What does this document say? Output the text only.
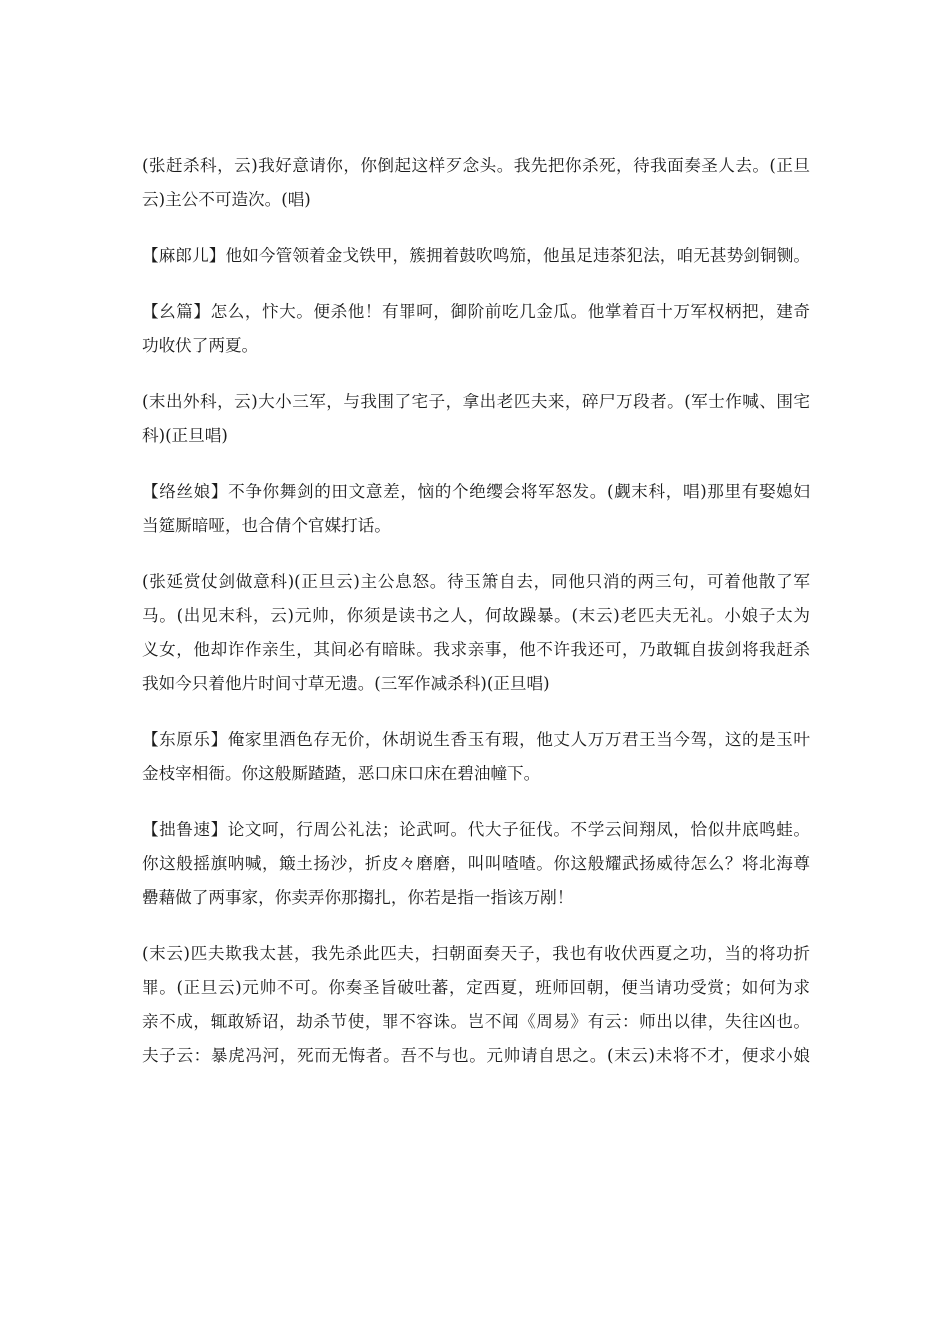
(张赶杀科，云)我好意请你，你倒起这样歹念头。我先把你杀死，待我面奏圣人去。(正旦
云)主公不可造次。(唱)
【麻郎儿】他如今管领着金戈铁甲，簇拥着鼓吹鸣笳，他虽足违茶犯法，咱无甚势剑铜铡。
【幺篇】怎么，忭大。便杀他！有罪呵，御阶前吃几金瓜。他掌着百十万军权柄把，建奇
功收伏了两夏。
(末出外科，云)大小三军，与我围了宅子，拿出老匹夫来，碎尸万段者。(军士作喊、围宅
科)(正旦唱)
【络丝娘】不争你舞剑的田文意差，恼的个绝缨会将军怒发。(觑末科，唱)那里有娶媳妇
当筵厮暗哑，也合倩个官媒打话。
(张延赏仗剑做意科)(正旦云)主公息怒。待玉箫自去，同他只消的两三句，可着他散了军
马。(出见末科，云)元帅，你须是读书之人，何故躁暴。(末云)老匹夫无礼。小娘子太为
义女，他却诈作亲生，其间必有暗昧。我求亲事，他不许我还可，乃敢辄自拔剑将我赶杀
我如今只着他片时间寸草无遗。(三军作减杀科)(正旦唱)
【东原乐】俺家里酒色存无价，休胡说生香玉有瑕，他丈人万万君王当今驾，这的是玉叶
金枝宰相衙。你这般厮蹅蹅，恶口床口床在碧油幢下。
【拙鲁速】论文呵，行周公礼法；论武呵。代大子征伐。不学云间翔凤，恰似井底鸣蛙。
你这般摇旗呐喊，簸土扬沙，折皮々磨磨，叫叫喳喳。你这般耀武扬威待怎么？将北海尊
罍藉做了两事家，你卖弄你那搊扎，你若是指一指该万剐！
(末云)匹夫欺我太甚，我先杀此匹夫，扫朝面奏天子，我也有收伏西夏之功，当的将功折
罪。(正旦云)元帅不可。你奏圣旨破吐蕃，定西夏，班师回朝，便当请功受赏；如何为求
亲不成，辄敢矫诏，劫杀节使，罪不容诛。岂不闻《周易》有云：师出以律，失往凶也。
夫子云：暴虎冯河，死而无悔者。吾不与也。元帅请自思之。(末云)未将不才，便求小娘
